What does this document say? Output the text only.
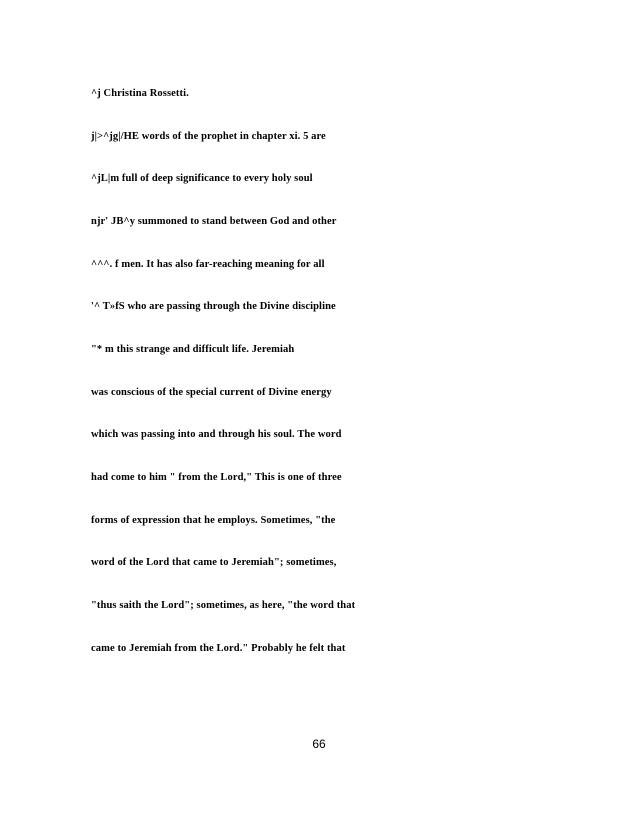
^j Christina Rossetti.
j|>^jg|/HE words of the prophet in chapter xi. 5 are
^jL|m full of deep significance to every holy soul
njr' JB^y summoned to stand between God and other
^^^. f men. It has also far-reaching meaning for all
'^ T»fS who are passing through the Divine discipline
"* m this strange and difficult life. Jeremiah
was conscious of the special current of Divine energy
which was passing into and through his soul. The word
had come to him " from the Lord," This is one of three
forms of expression that he employs. Sometimes, "the
word of the Lord that came to Jeremiah"; sometimes,
"thus saith the Lord"; sometimes, as here, "the word that
came to Jeremiah from the Lord." Probably he felt that
66
